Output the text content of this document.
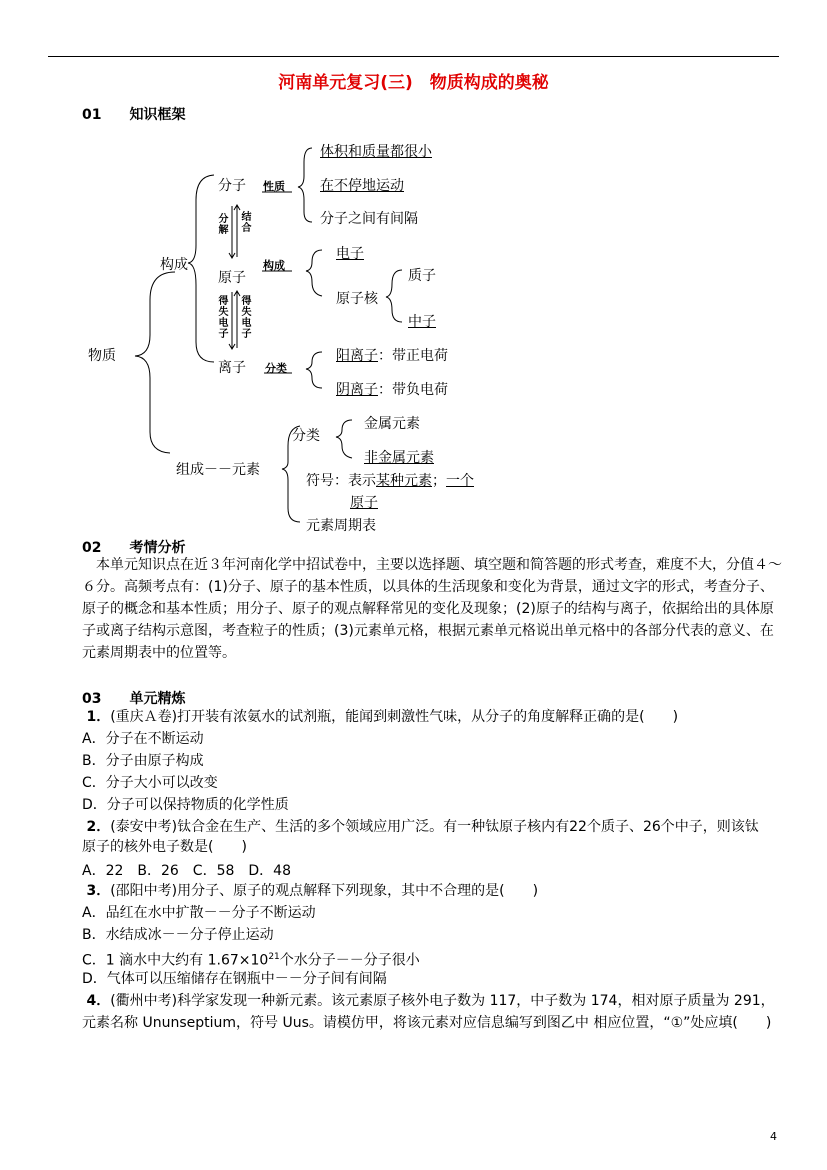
河南单元复习(三)　物质构成的奥秘
01　　知识框架
物质
构成
组成－－元素
分子
原子
离子
性质
构成
分类
分解
结合
得失电子
得失电子
体积和质量都很小
在不停地运动
分子之间有间隔
电子
原子核
质子
中子
阳离子：带正电荷
阴离子：带负电荷
分类
金属元素
非金属元素
符号：表示某种元素；一个
原子
元素周期表
02　　考情分析
本单元知识点在近３年河南化学中招试卷中，主要以选择题、填空题和简答题的形式考查，难度不大，分值４～６分。高频考点有：(1)分子、原子的基本性质，以具体的生活现象和变化为背景，通过文字的形式，考查分子、原子的概念和基本性质；用分子、原子的观点解释常见的变化及现象；(2)原子的结构与离子，依据给出的具体原子或离子结构示意图，考查粒子的性质；(3)元素单元格，根据元素单元格说出单元格中的各部分代表的意义、在元素周期表中的位置等。
03　　单元精炼
1．(重庆Ａ卷)打开装有浓氨水的试剂瓶，能闻到刺激性气味，从分子的角度解释正确的是(　　)
A．分子在不断运动
B．分子由原子构成
C．分子大小可以改变
D．分子可以保持物质的化学性质
2．(泰安中考)钛合金在生产、生活的多个领域应用广泛。有一种钛原子核内有22个质子、26个中子，则该钛
原子的核外电子数是(　　)
A．22　B．26　C．58　D．48
3．(邵阳中考)用分子、原子的观点解释下列现象，其中不合理的是(　　)
A．品红在水中扩散－－分子不断运动
B．水结成冰－－分子停止运动
C．1 滴水中大约有 $1.67\times 10^{21}$个水分子－－分子很小
D．气体可以压缩储存在钢瓶中－－分子间有间隔
4．(衢州中考)科学家发现一种新元素。该元素原子核外电子数为 117，中子数为 174，相对原子质量为 291，
元素名称 Ununseptium，符号 Uus。请模仿甲，将该元素对应信息编写到图乙中 相应位置，“①”处应填(　　)
4
